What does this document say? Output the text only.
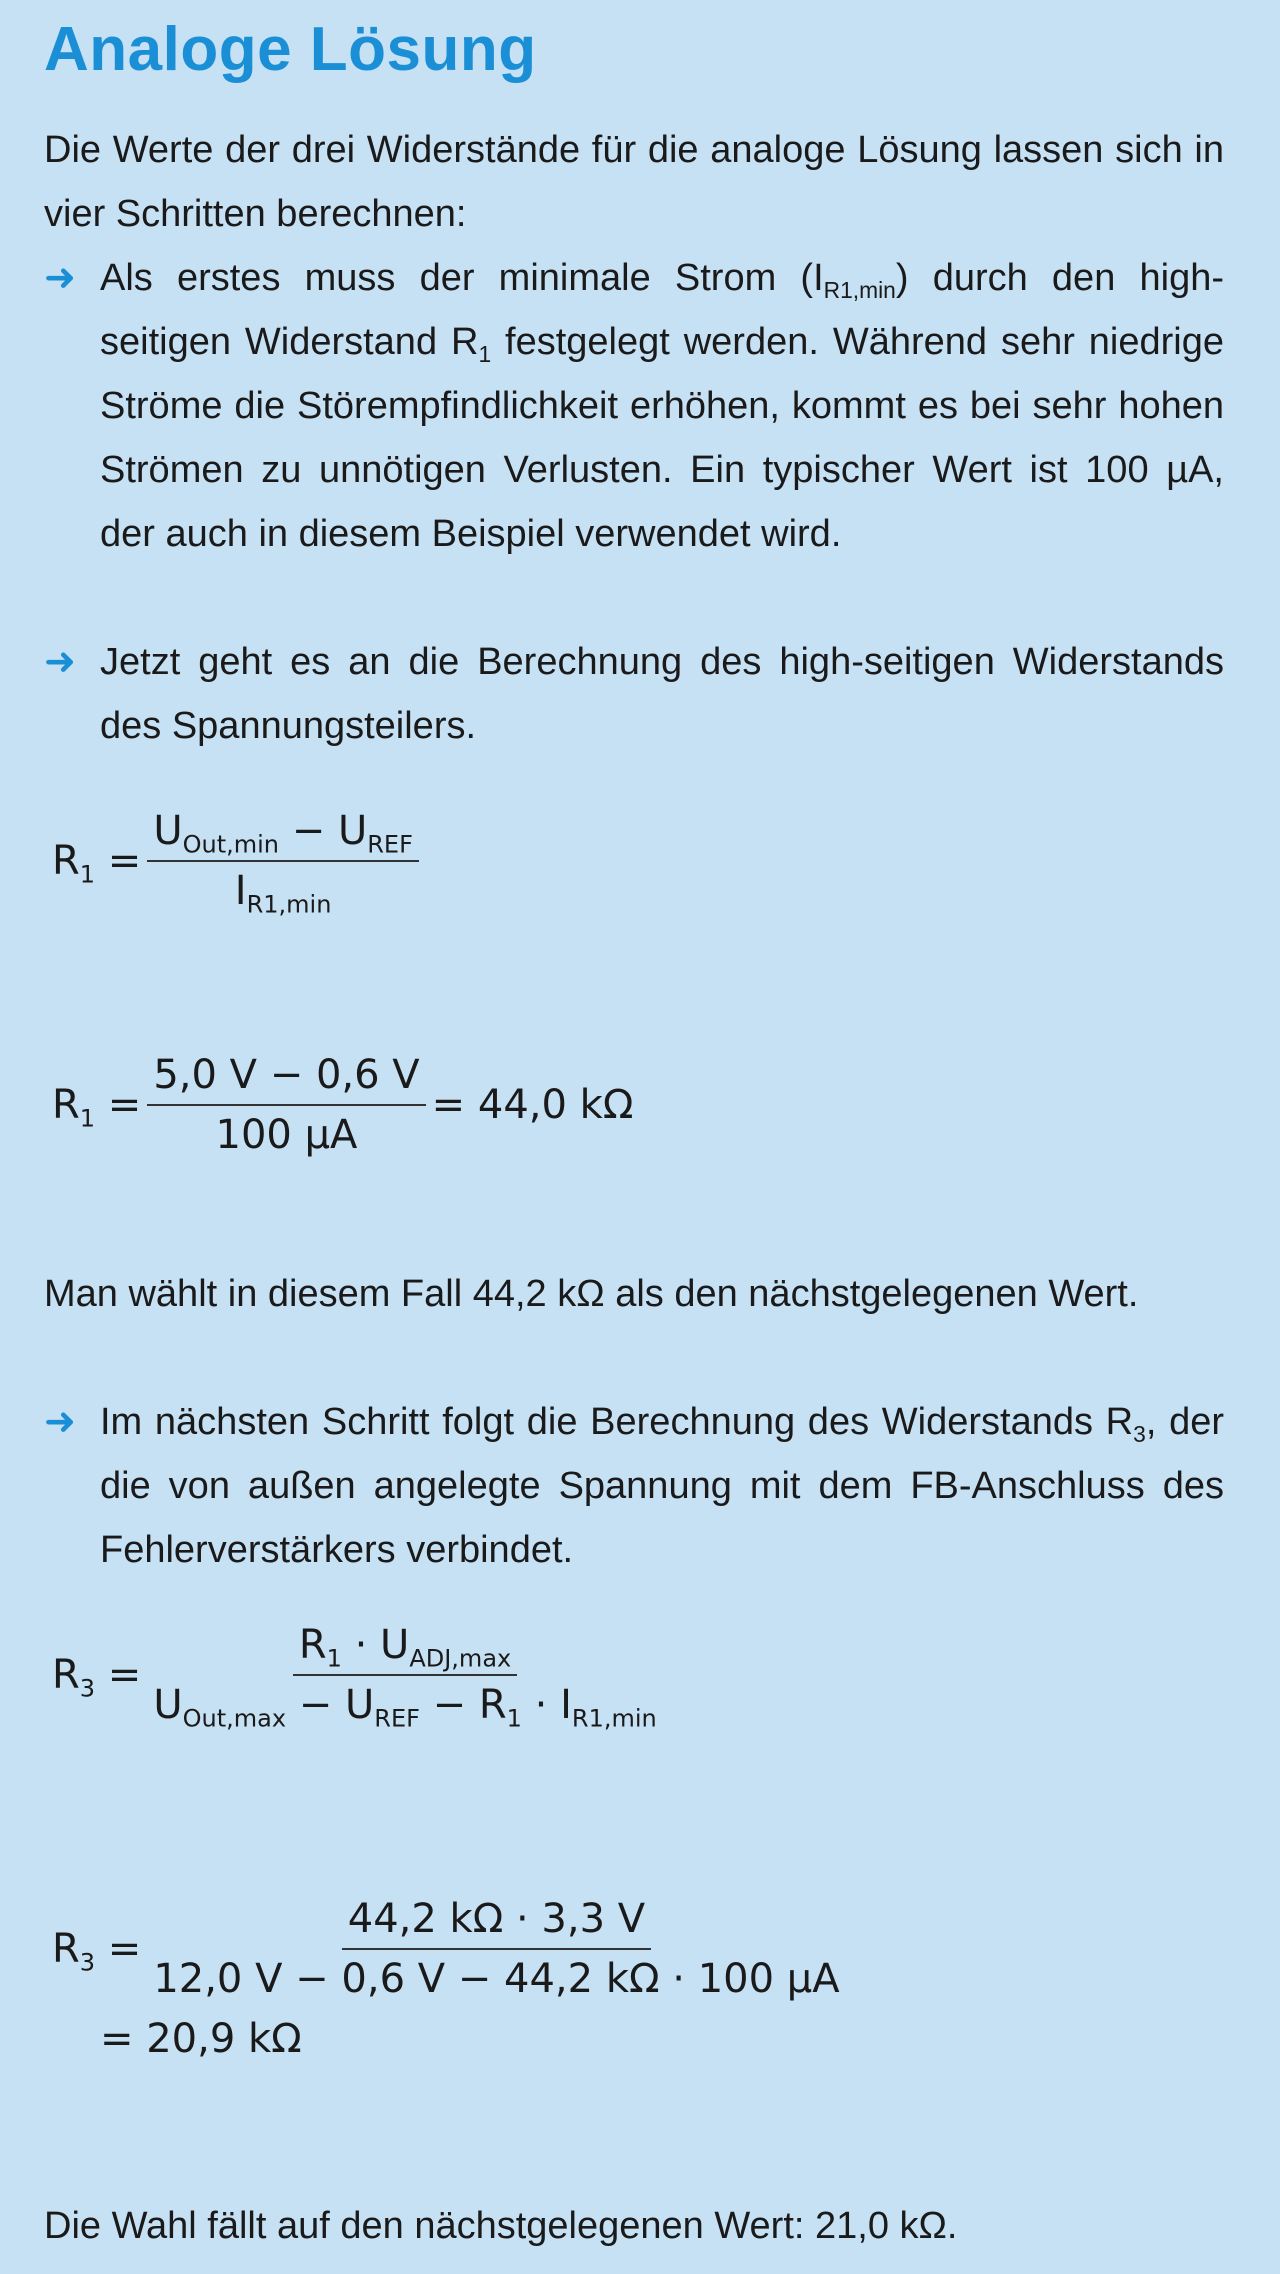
Analoge Lösung
Die Werte der drei Widerstände für die analoge Lösung lassen sich in vier Schritten berechnen:
➜ Als erstes muss der minimale Strom $(I_{R1,min})$ durch den high-seitigen Widerstand $R_1$ festgelegt werden. Während sehr niedrige Ströme die Störempfindlichkeit erhöhen, kommt es bei sehr hohen Strömen zu unnötigen Verlusten. Ein typischer Wert ist 100 µA, der auch in diesem Beispiel verwendet wird.
➜ Jetzt geht es an die Berechnung des high-seitigen Widerstands des Spannungsteilers.
$R_1 = \frac{U_{Out,min} - U_{REF}}{I_{R1,min}}$
$R_1 = \frac{5,0 V - 0,6 V}{\text{100 µA}} = 44,0$ kΩ
Man wählt in diesem Fall 44,2 kΩ als den nächstgelegenen Wert.
➜ Im nächsten Schritt folgt die Berechnung des Widerstands $R_3$, der die von außen angelegte Spannung mit dem FB-Anschluss des Fehlerverstärkers verbindet.
$R_3 = \frac{R_1 \cdot U_{ADJ,max}}{U_{Out,max} - U_{REF} - R_1 \cdot I_{R1,min}}$
$R_3 = \frac{44,2 k\Omega \cdot 3,3 V}{\text{12,0 V − 0,6 V − 44,2 kΩ · 100 µA}}$
= 20,9 kΩ
Die Wahl fällt auf den nächstgelegenen Wert: 21,0 kΩ.
